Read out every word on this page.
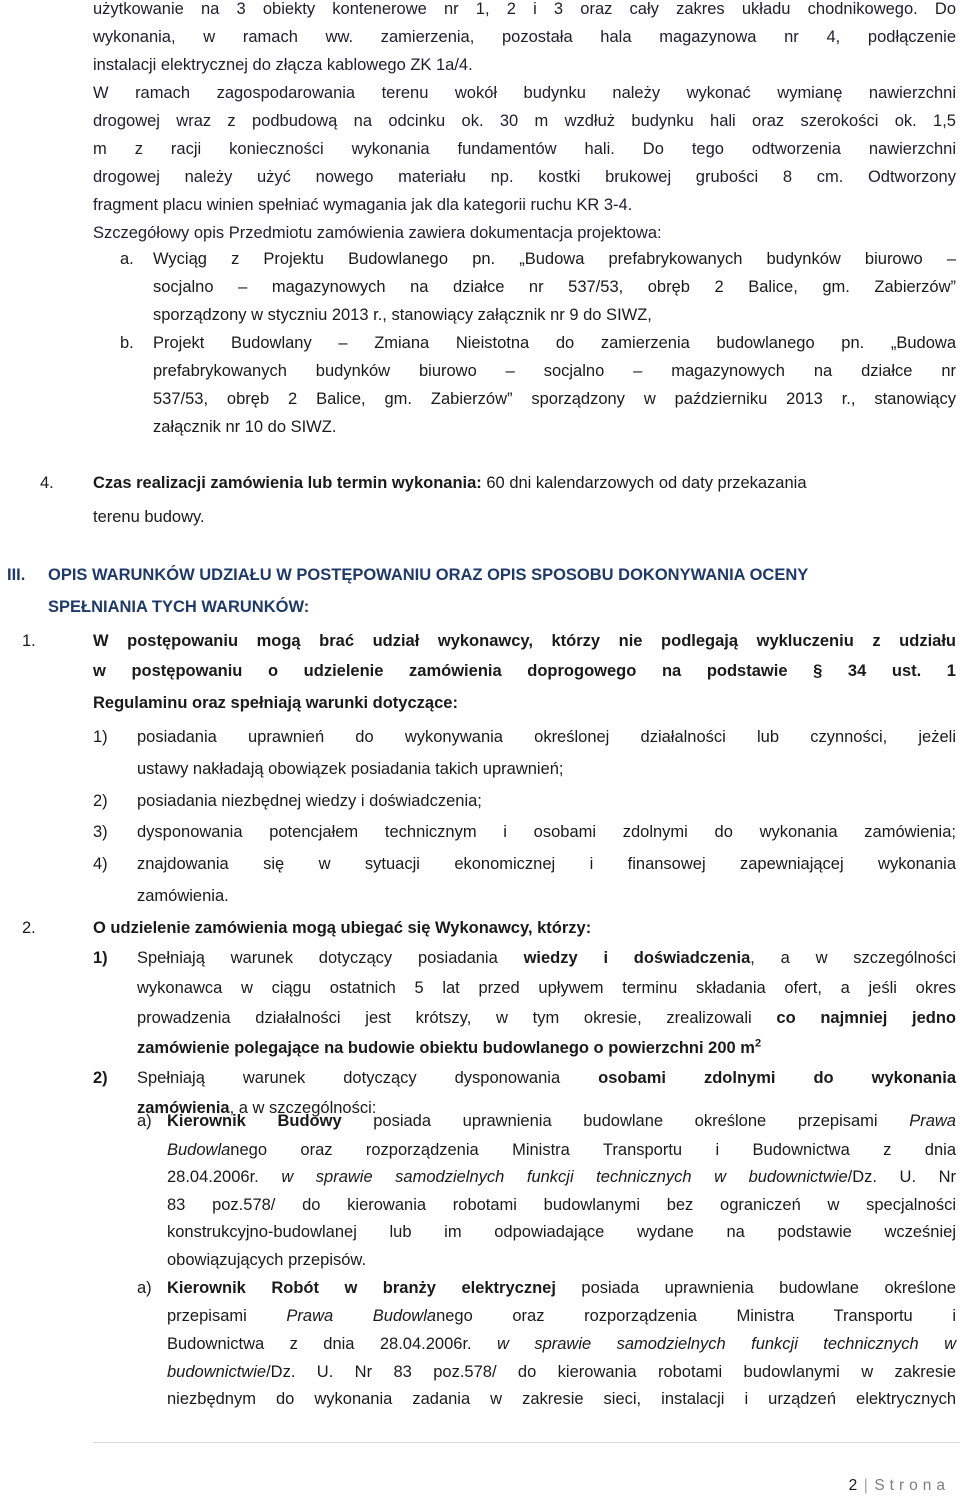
użytkowanie na 3 obiekty kontenerowe nr 1, 2 i 3 oraz cały zakres układu chodnikowego. Do
wykonania, w ramach ww. zamierzenia, pozostała hala magazynowa nr 4, podłączenie
instalacji elektrycznej do złącza kablowego ZK 1a/4.
W ramach zagospodarowania terenu wokół budynku należy wykonać wymianę nawierzchni
drogowej wraz z podbudową na odcinku ok. 30 m wzdłuż budynku hali oraz szerokości ok. 1,5
m z racji konieczności wykonania fundamentów hali. Do tego odtworzenia nawierzchni
drogowej należy użyć nowego materiału np. kostki brukowej grubości 8 cm. Odtworzony
fragment placu winien spełniać wymagania jak dla kategorii ruchu KR 3-4.
Szczegółowy opis Przedmiotu zamówienia zawiera dokumentacja projektowa:
a.	Wyciąg z Projektu Budowlanego pn. „Budowa prefabrykowanych budynków biurowo –
socjalno – magazynowych na działce nr 537/53, obręb 2 Balice, gm. Zabierzów”
sporządzony w styczniu 2013 r., stanowiący załącznik nr 9 do SIWZ,
b.	Projekt Budowlany – Zmiana Nieistotna do zamierzenia budowlanego pn. „Budowa
prefabrykowanych budynków biurowo – socjalno – magazynowych na działce nr
537/53, obręb 2 Balice, gm. Zabierzów” sporządzony w październiku 2013 r., stanowiący
załącznik nr 10 do SIWZ.
4.	Czas realizacji zamówienia lub termin wykonania: 60 dni kalendarzowych od daty przekazania
terenu budowy.
III.	OPIS WARUNKÓW UDZIAŁU W POSTĘPOWANIU ORAZ OPIS SPOSOBU DOKONYWANIA OCENY
SPEŁNIANIA TYCH WARUNKÓW:
1.	W postępowaniu mogą brać udział wykonawcy, którzy nie podlegają wykluczeniu z udziału
w postępowaniu o udzielenie zamówienia doprogowego na podstawie § 34 ust. 1
Regulaminu oraz spełniają warunki dotyczące:
1)	posiadania uprawnień do wykonywania określonej działalności lub czynności, jeżeli
ustawy nakładają obowiązek posiadania takich uprawnień;
2)	posiadania niezbędnej wiedzy i doświadczenia;
3)	dysponowania potencjałem technicznym i osobami zdolnymi do wykonania zamówienia;
4)	znajdowania się w sytuacji ekonomicznej i finansowej zapewniającej wykonania
zamówienia.
2.	O udzielenie zamówienia mogą ubiegać się Wykonawcy, którzy:
1)	Spełniają warunek dotyczący posiadania wiedzy i doświadczenia, a w szczególności
wykonawca w ciągu ostatnich 5 lat przed upływem terminu składania ofert, a jeśli okres
prowadzenia działalności jest krótszy, w tym okresie, zrealizowali co najmniej jedno
zamówienie polegające na budowie obiektu budowlanego o powierzchni 200 $m^2$
2)	Spełniają warunek dotyczący dysponowania osobami zdolnymi do wykonania
zamówienia, a w szczególności:
a) Kierownik Budowy posiada uprawnienia budowlane określone przepisami Prawa
Budowlanego oraz rozporządzenia Ministra Transportu i Budownictwa z dnia
28.04.2006r. w sprawie samodzielnych funkcji technicznych w budownictwie/Dz. U. Nr
83 poz.578/ do kierowania robotami budowlanymi bez ograniczeń w specjalności
konstrukcyjno-budowlanej lub im odpowiadające wydane na podstawie wcześniej
obowiązujących przepisów.
a) Kierownik Robót w branży elektrycznej posiada uprawnienia budowlane określone
przepisami Prawa Budowlanego oraz rozporządzenia Ministra Transportu i
Budownictwa z dnia 28.04.2006r. w sprawie samodzielnych funkcji technicznych w
budownictwie/Dz. U. Nr 83 poz.578/ do kierowania robotami budowlanymi w zakresie
niezbędnym do wykonania zadania w zakresie sieci, instalacji i urządzeń elektrycznych
2 | Strona
